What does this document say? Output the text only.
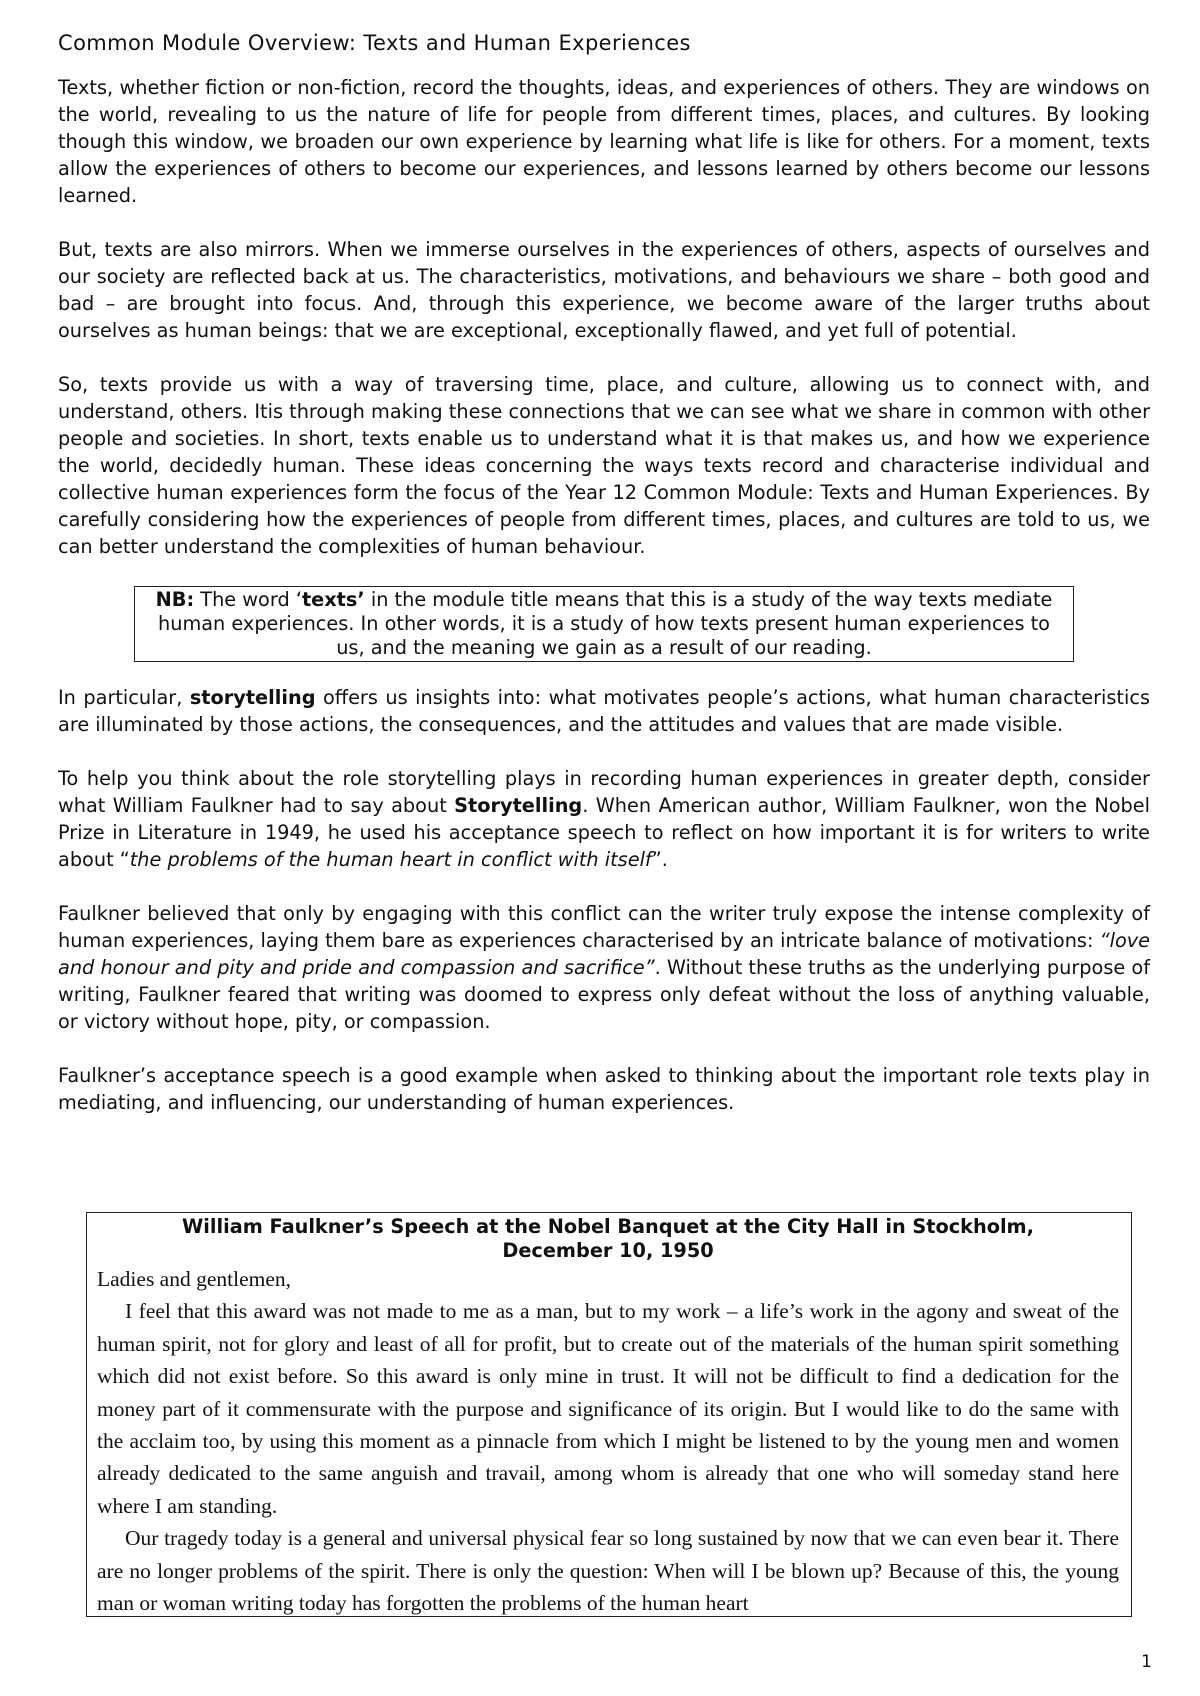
Common Module Overview: Texts and Human Experiences

Texts, whether fiction or non-fiction, record the thoughts, ideas, and experiences of others. They are windows on the world, revealing to us the nature of life for people from different times, places, and cultures. By looking though this window, we broaden our own experience by learning what life is like for others. For a moment, texts allow the experiences of others to become our experiences, and lessons learned by others become our lessons learned.

But, texts are also mirrors. When we immerse ourselves in the experiences of others, aspects of ourselves and our society are reflected back at us. The characteristics, motivations, and behaviours we share – both good and bad – are brought into focus. And, through this experience, we become aware of the larger truths about ourselves as human beings: that we are exceptional, exceptionally flawed, and yet full of potential.

So, texts provide us with a way of traversing time, place, and culture, allowing us to connect with, and understand, others. Itis through making these connections that we can see what we share in common with other people and societies. In short, texts enable us to understand what it is that makes us, and how we experience the world, decidedly human. These ideas concerning the ways texts record and characterise individual and collective human experiences form the focus of the Year 12 Common Module: Texts and Human Experiences. By carefully considering how the experiences of people from different times, places, and cultures are told to us, we can better understand the complexities of human behaviour.

NB: The word ‘texts’ in the module title means that this is a study of the way texts mediate human experiences. In other words, it is a study of how texts present human experiences to us, and the meaning we gain as a result of our reading.

In particular, storytelling offers us insights into: what motivates people’s actions, what human characteristics are illuminated by those actions, the consequences, and the attitudes and values that are made visible.

To help you think about the role storytelling plays in recording human experiences in greater depth, consider what William Faulkner had to say about Storytelling. When American author, William Faulkner, won the Nobel Prize in Literature in 1949, he used his acceptance speech to reflect on how important it is for writers to write about “the problems of the human heart in conflict with itself”.

Faulkner believed that only by engaging with this conflict can the writer truly expose the intense complexity of human experiences, laying them bare as experiences characterised by an intricate balance of motivations: “love and honour and pity and pride and compassion and sacrifice”. Without these truths as the underlying purpose of writing, Faulkner feared that writing was doomed to express only defeat without the loss of anything valuable, or victory without hope, pity, or compassion.

Faulkner’s acceptance speech is a good example when asked to thinking about the important role texts play in mediating, and influencing, our understanding of human experiences.

William Faulkner’s Speech at the Nobel Banquet at the City Hall in Stockholm,
December 10, 1950
Ladies and gentlemen,
I feel that this award was not made to me as a man, but to my work – a life’s work in the agony and sweat of the human spirit, not for glory and least of all for profit, but to create out of the materials of the human spirit something which did not exist before. So this award is only mine in trust. It will not be difficult to find a dedication for the money part of it commensurate with the purpose and significance of its origin. But I would like to do the same with the acclaim too, by using this moment as a pinnacle from which I might be listened to by the young men and women already dedicated to the same anguish and travail, among whom is already that one who will someday stand here where I am standing.
Our tragedy today is a general and universal physical fear so long sustained by now that we can even bear it. There are no longer problems of the spirit. There is only the question: When will I be blown up? Because of this, the young man or woman writing today has forgotten the problems of the human heart
1
